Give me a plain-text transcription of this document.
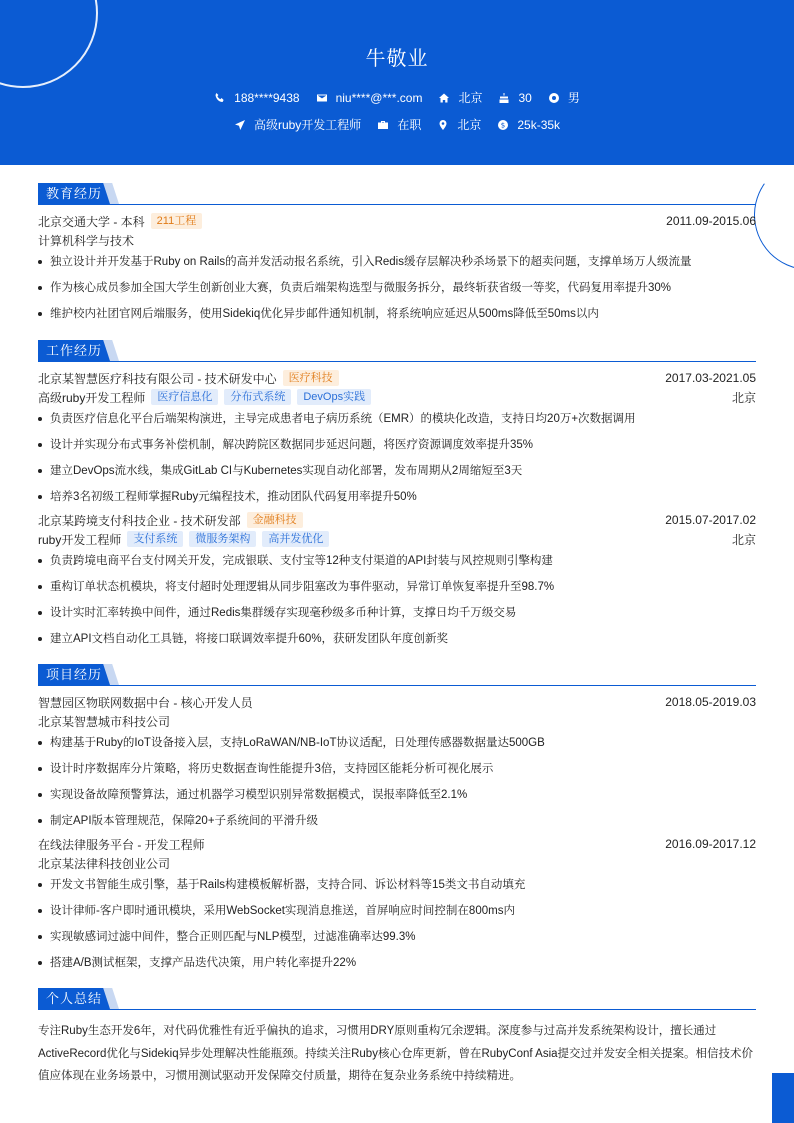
牛敬业
188****9438	niu****@***.com	北京	30	男
高级ruby开发工程师	在职	北京	$ 25k-35k
教育经历
北京交通大学 - 本科	211工程	2011.09-2015.06
计算机科学与技术
独立设计并开发基于Ruby on Rails的高并发活动报名系统，引入Redis缓存层解决秒杀场景下的超卖问题，支撑单场万人级流量
作为核心成员参加全国大学生创新创业大赛，负责后端架构选型与微服务拆分，最终斩获省级一等奖，代码复用率提升30%
维护校内社团官网后端服务，使用Sidekiq优化异步邮件通知机制，将系统响应延迟从500ms降低至50ms以内
工作经历
北京某智慧医疗科技有限公司 - 技术研发中心	医疗科技	2017.03-2021.05
高级ruby开发工程师	医疗信息化	分布式系统	DevOps实践	北京
负责医疗信息化平台后端架构演进，主导完成患者电子病历系统（EMR）的模块化改造，支持日均20万+次数据调用
设计并实现分布式事务补偿机制，解决跨院区数据同步延迟问题，将医疗资源调度效率提升35%
建立DevOps流水线，集成GitLab CI与Kubernetes实现自动化部署，发布周期从2周缩短至3天
培养3名初级工程师掌握Ruby元编程技术，推动团队代码复用率提升50%
北京某跨境支付科技企业 - 技术研发部	金融科技	2015.07-2017.02
ruby开发工程师	支付系统	微服务架构	高并发优化	北京
负责跨境电商平台支付网关开发，完成银联、支付宝等12种支付渠道的API封装与风控规则引擎构建
重构订单状态机模块，将支付超时处理逻辑从同步阻塞改为事件驱动，异常订单恢复率提升至98.7%
设计实时汇率转换中间件，通过Redis集群缓存实现毫秒级多币种计算，支撑日均千万级交易
建立API文档自动化工具链，将接口联调效率提升60%，获研发团队年度创新奖
项目经历
智慧园区物联网数据中台 - 核心开发人员	2018.05-2019.03
北京某智慧城市科技公司
构建基于Ruby的IoT设备接入层，支持LoRaWAN/NB-IoT协议适配，日处理传感器数据量达500GB
设计时序数据库分片策略，将历史数据查询性能提升3倍，支持园区能耗分析可视化展示
实现设备故障预警算法，通过机器学习模型识别异常数据模式，误报率降低至2.1%
制定API版本管理规范，保障20+子系统间的平滑升级
在线法律服务平台 - 开发工程师	2016.09-2017.12
北京某法律科技创业公司
开发文书智能生成引擎，基于Rails构建模板解析器，支持合同、诉讼材料等15类文书自动填充
设计律师-客户即时通讯模块，采用WebSocket实现消息推送，首屏响应时间控制在800ms内
实现敏感词过滤中间件，整合正则匹配与NLP模型，过滤准确率达99.3%
搭建A/B测试框架，支撑产品迭代决策，用户转化率提升22%
个人总结

专注Ruby生态开发6年，对代码优雅性有近乎偏执的追求，习惯用DRY原则重构冗余逻辑。深度参与过高并发系统架构设计，擅长通过ActiveRecord优化与Sidekiq异步处理解决性能瓶颈。持续关注Ruby核心仓库更新，曾在RubyConf Asia提交过并发安全相关提案。相信技术价值应体现在业务场景中，习惯用测试驱动开发保障交付质量，期待在复杂业务系统中持续精进。
